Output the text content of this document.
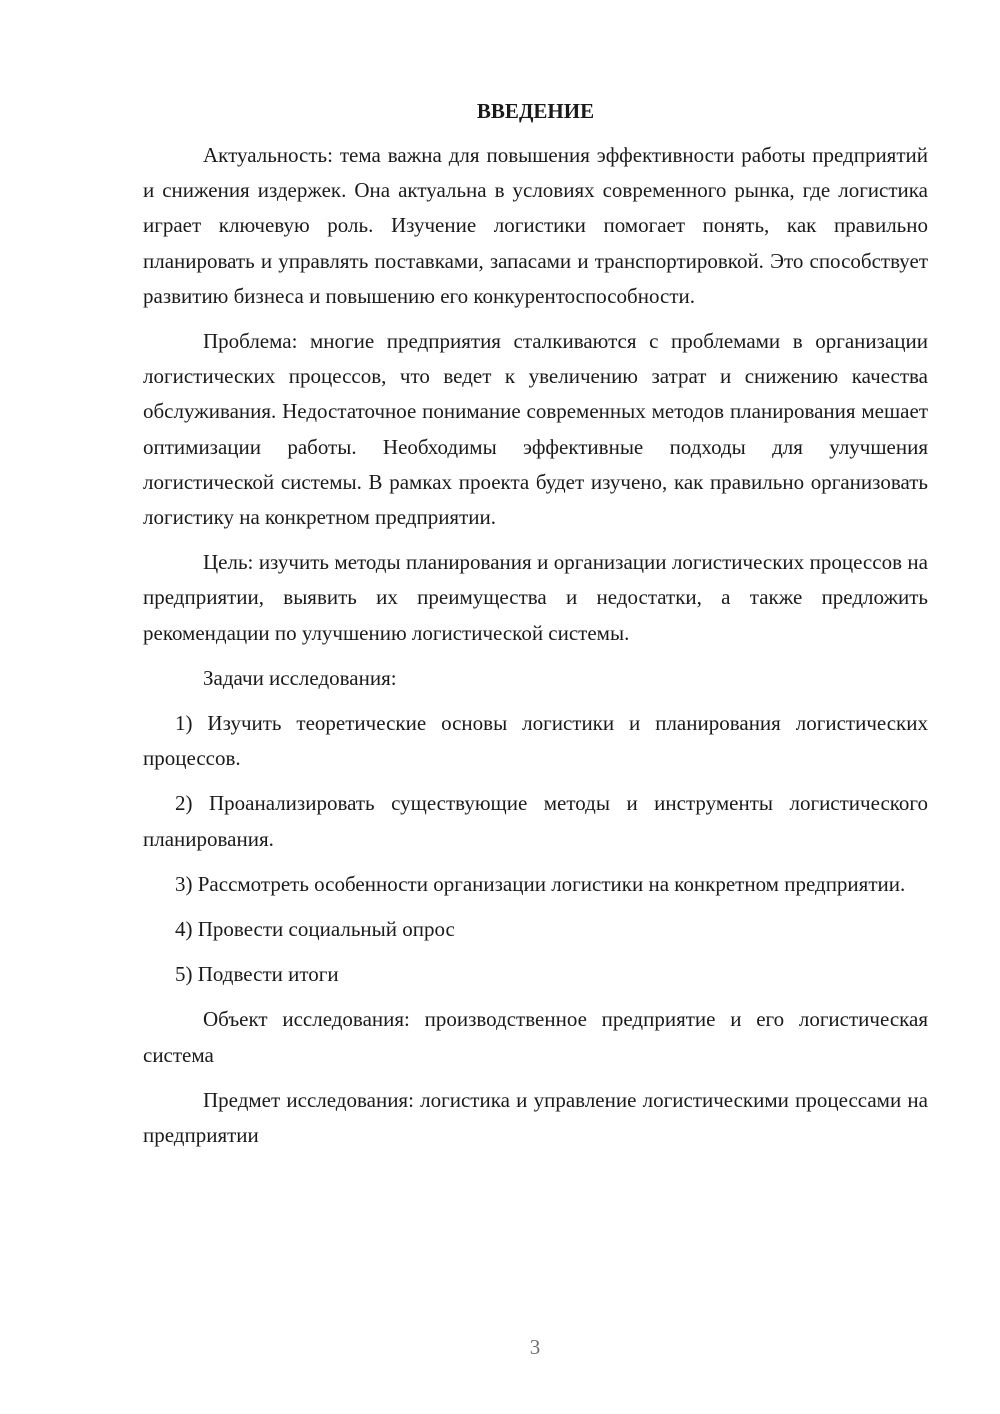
ВВЕДЕНИЕ

Актуальность: тема важна для повышения эффективности работы предприятий и снижения издержек. Она актуальна в условиях современного рынка, где логистика играет ключевую роль. Изучение логистики помогает понять, как правильно планировать и управлять поставками, запасами и транспортировкой. Это способствует развитию бизнеса и повышению его конкурентоспособности.

Проблема: многие предприятия сталкиваются с проблемами в организации логистических процессов, что ведет к увеличению затрат и снижению качества обслуживания. Недостаточное понимание современных методов планирования мешает оптимизации работы. Необходимы эффективные подходы для улучшения логистической системы. В рамках проекта будет изучено, как правильно организовать логистику на конкретном предприятии.

Цель: изучить методы планирования и организации логистических процессов на предприятии, выявить их преимущества и недостатки, а также предложить рекомендации по улучшению логистической системы.

Задачи исследования:

1) Изучить теоретические основы логистики и планирования логистических процессов.

2) Проанализировать существующие методы и инструменты логистического планирования.

3) Рассмотреть особенности организации логистики на конкретном предприятии.

4) Провести социальный опрос

5) Подвести итоги

Объект исследования: производственное предприятие и его логистическая система

Предмет исследования: логистика и управление логистическими процессами на предприятии

3
